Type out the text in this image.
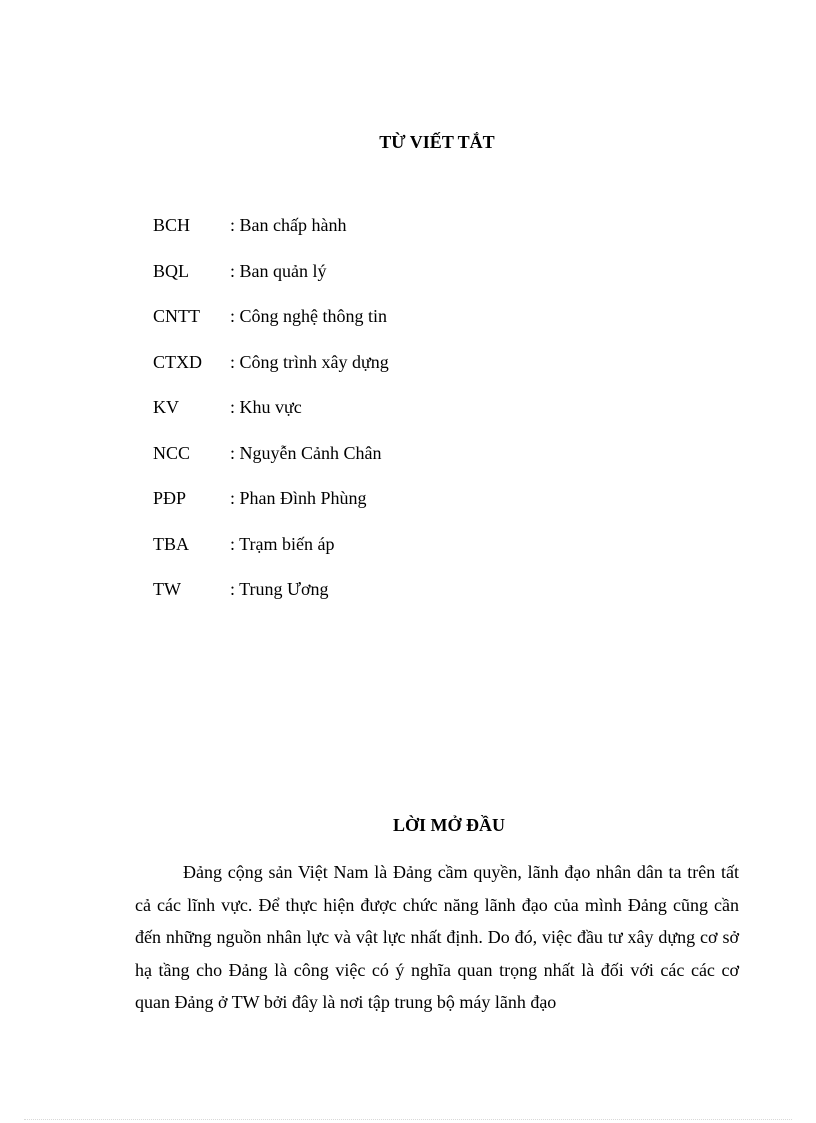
TỪ VIẾT TẮT
BCH	: Ban chấp hành
BQL	: Ban quản lý
CNTT	: Công nghệ thông tin
CTXD	: Công trình xây dựng
KV	: Khu vực
NCC	: Nguyễn Cảnh Chân
PĐP	: Phan Đình Phùng
TBA	: Trạm biến áp
TW	: Trung Ương
LỜI MỞ ĐẦU

Đảng cộng sản Việt Nam là Đảng cầm quyền, lãnh đạo nhân dân ta trên tất cả các lĩnh vực. Để thực hiện được chức năng lãnh đạo của mình Đảng cũng cần đến những nguồn nhân lực và vật lực nhất định. Do đó, việc đầu tư xây dựng cơ sở hạ tầng cho Đảng là công việc có ý nghĩa quan trọng nhất là đối với các các cơ quan Đảng ở TW bởi đây là nơi tập trung bộ máy lãnh đạo
